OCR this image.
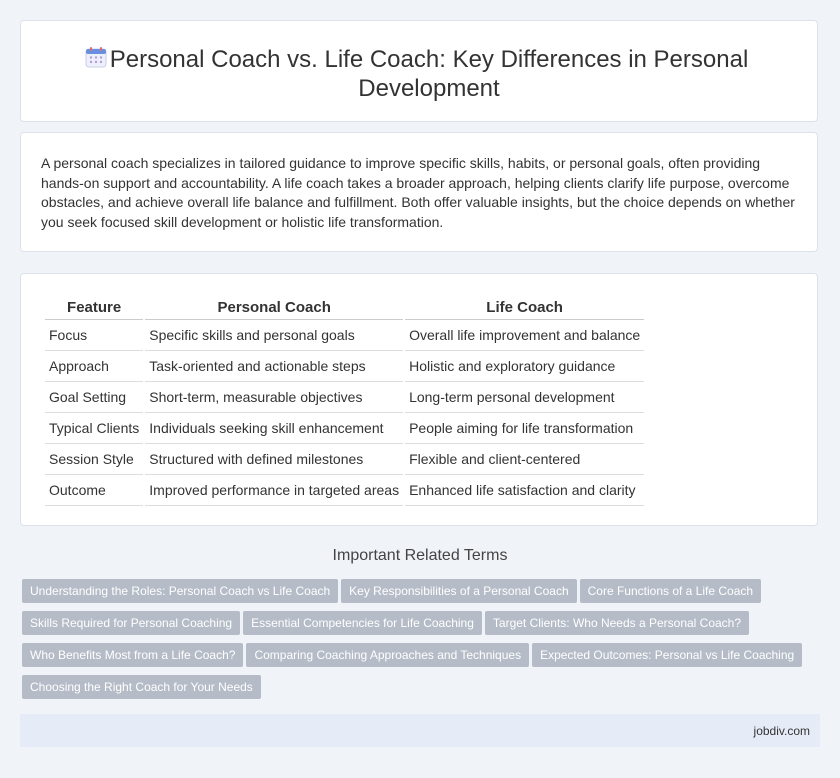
Personal Coach vs. Life Coach: Key Differences in Personal Development

A personal coach specializes in tailored guidance to improve specific skills, habits, or personal goals, often providing hands-on support and accountability. A life coach takes a broader approach, helping clients clarify life purpose, overcome obstacles, and achieve overall life balance and fulfillment. Both offer valuable insights, but the choice depends on whether you seek focused skill development or holistic life transformation.

Feature	Personal Coach	Life Coach
Focus	Specific skills and personal goals	Overall life improvement and balance
Approach	Task-oriented and actionable steps	Holistic and exploratory guidance
Goal Setting	Short-term, measurable objectives	Long-term personal development
Typical Clients	Individuals seeking skill enhancement	People aiming for life transformation
Session Style	Structured with defined milestones	Flexible and client-centered
Outcome	Improved performance in targeted areas	Enhanced life satisfaction and clarity
Important Related Terms
Understanding the Roles: Personal Coach vs Life Coach Key Responsibilities of a Personal Coach Core Functions of a Life Coach
Skills Required for Personal Coaching Essential Competencies for Life Coaching Target Clients: Who Needs a Personal Coach?
Who Benefits Most from a Life Coach? Comparing Coaching Approaches and Techniques Expected Outcomes: Personal vs Life Coaching
Choosing the Right Coach for Your Needs
jobdiv.com
